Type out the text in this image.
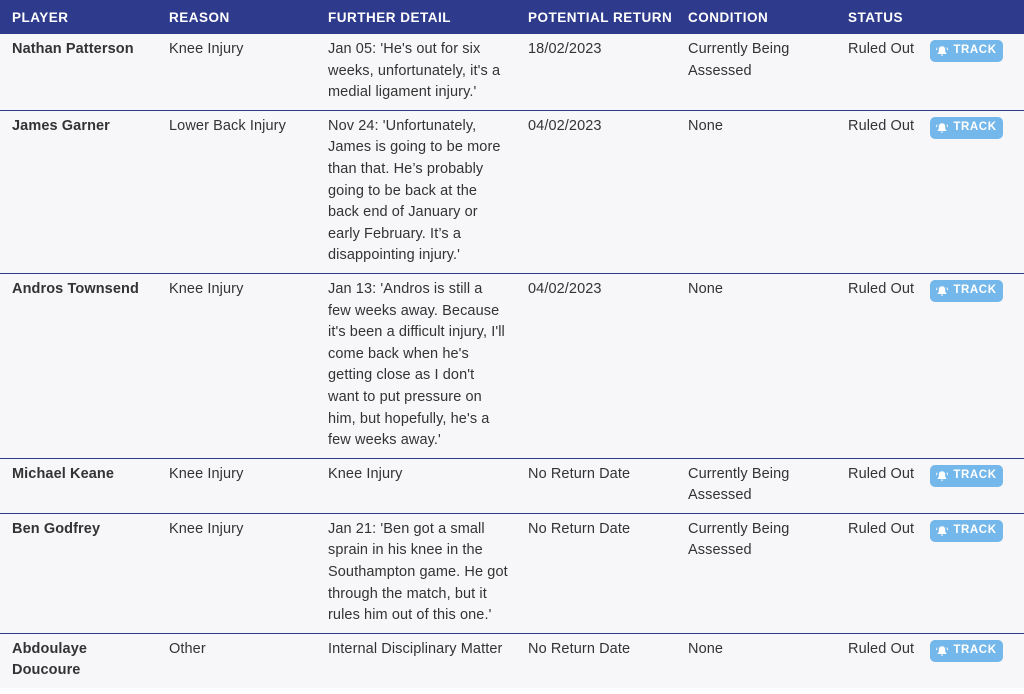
PLAYER	REASON	FURTHER DETAIL	POTENTIAL RETURN	CONDITION	STATUS
Nathan Patterson	Knee Injury	Jan 05: 'He's out for six weeks, unfortunately, it's a medial ligament injury.'	18/02/2023	Currently Being Assessed	Ruled Out TRACK

James Garner	Lower Back Injury	Nov 24: 'Unfortunately, James is going to be more than that. He’s probably going to be back at the back end of January or early February. It’s a disappointing injury.'	04/02/2023	None	Ruled Out TRACK

Andros Townsend	Knee Injury	Jan 13: 'Andros is still a few weeks away. Because it's been a difficult injury, I'll come back when he's getting close as I don't want to put pressure on him, but hopefully, he's a few weeks away.'	04/02/2023	None	Ruled Out TRACK

Michael Keane	Knee Injury	Knee Injury	No Return Date	Currently Being Assessed	Ruled Out TRACK

Ben Godfrey	Knee Injury	Jan 21: 'Ben got a small sprain in his knee in the Southampton game. He got through the match, but it rules him out of this one.'	No Return Date	Currently Being Assessed	Ruled Out TRACK

Abdoulaye Doucoure	Other	Internal Disciplinary Matter	No Return Date	None	Ruled Out TRACK
